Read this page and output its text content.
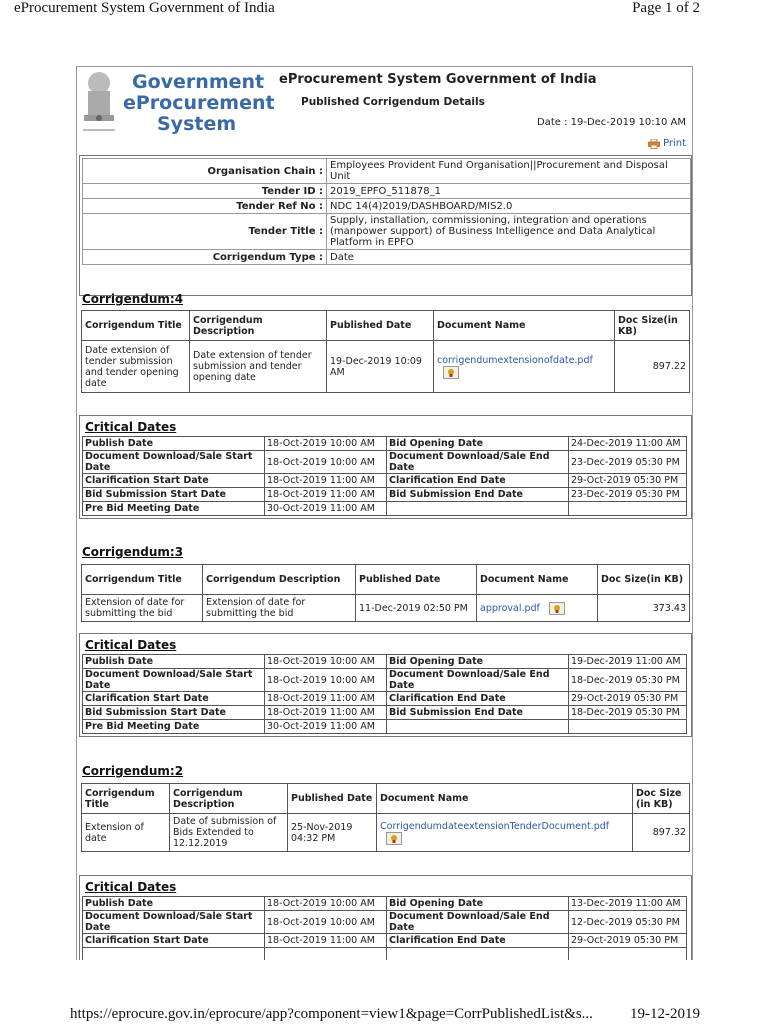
eProcurement System Government of India	Page 1 of 2
Government
eProcurement
System
eProcurement System Government of India
Published Corrigendum Details
Date : 19-Dec-2019 10:10 AM
Print
Organisation Chain :	Employees Provident Fund Organisation||Procurement and Disposal Unit
Tender ID :	2019_EPFO_511878_1
Tender Ref No :	NDC 14(4)2019/DASHBOARD/MIS2.0
Tender Title :	Supply, installation, commissioning, integration and operations (manpower support) of Business Intelligence and Data Analytical Platform in EPFO
Corrigendum Type :	Date
Corrigendum:4
Corrigendum Title	Corrigendum Description	Published Date	Document Name	Doc Size(in KB)
Date extension of tender submission and tender opening date	Date extension of tender submission and tender opening date	19-Dec-2019 10:09 AM	corrigendumextensionofdate.pdf	897.22
Critical Dates
Publish Date	18-Oct-2019 10:00 AM	Bid Opening Date	24-Dec-2019 11:00 AM
Document Download/Sale Start Date	18-Oct-2019 10:00 AM	Document Download/Sale End Date	23-Dec-2019 05:30 PM
Clarification Start Date	18-Oct-2019 11:00 AM	Clarification End Date	29-Oct-2019 05:30 PM
Bid Submission Start Date	18-Oct-2019 11:00 AM	Bid Submission End Date	23-Dec-2019 05:30 PM
Pre Bid Meeting Date	30-Oct-2019 11:00 AM		
Corrigendum:3
Corrigendum Title	Corrigendum Description	Published Date	Document Name	Doc Size(in KB)
Extension of date for submitting the bid	Extension of date for submitting the bid	11-Dec-2019 02:50 PM	approval.pdf	373.43
Critical Dates
Publish Date	18-Oct-2019 10:00 AM	Bid Opening Date	19-Dec-2019 11:00 AM
Document Download/Sale Start Date	18-Oct-2019 10:00 AM	Document Download/Sale End Date	18-Dec-2019 05:30 PM
Clarification Start Date	18-Oct-2019 11:00 AM	Clarification End Date	29-Oct-2019 05:30 PM
Bid Submission Start Date	18-Oct-2019 11:00 AM	Bid Submission End Date	18-Dec-2019 05:30 PM
Pre Bid Meeting Date	30-Oct-2019 11:00 AM		
Corrigendum:2
Corrigendum Title	Corrigendum Description	Published Date	Document Name	Doc Size (in KB)
Extension of date	Date of submission of Bids Extended to 12.12.2019	25-Nov-2019 04:32 PM	CorrigendumdateextensionTenderDocument.pdf	897.32
Critical Dates
Publish Date	18-Oct-2019 10:00 AM	Bid Opening Date	13-Dec-2019 11:00 AM
Document Download/Sale Start Date	18-Oct-2019 10:00 AM	Document Download/Sale End Date	12-Dec-2019 05:30 PM
Clarification Start Date	18-Oct-2019 11:00 AM	Clarification End Date	29-Oct-2019 05:30 PM

https://eprocure.gov.in/eprocure/app?component=view1&page=CorrPublishedList&s... 19-12-2019
